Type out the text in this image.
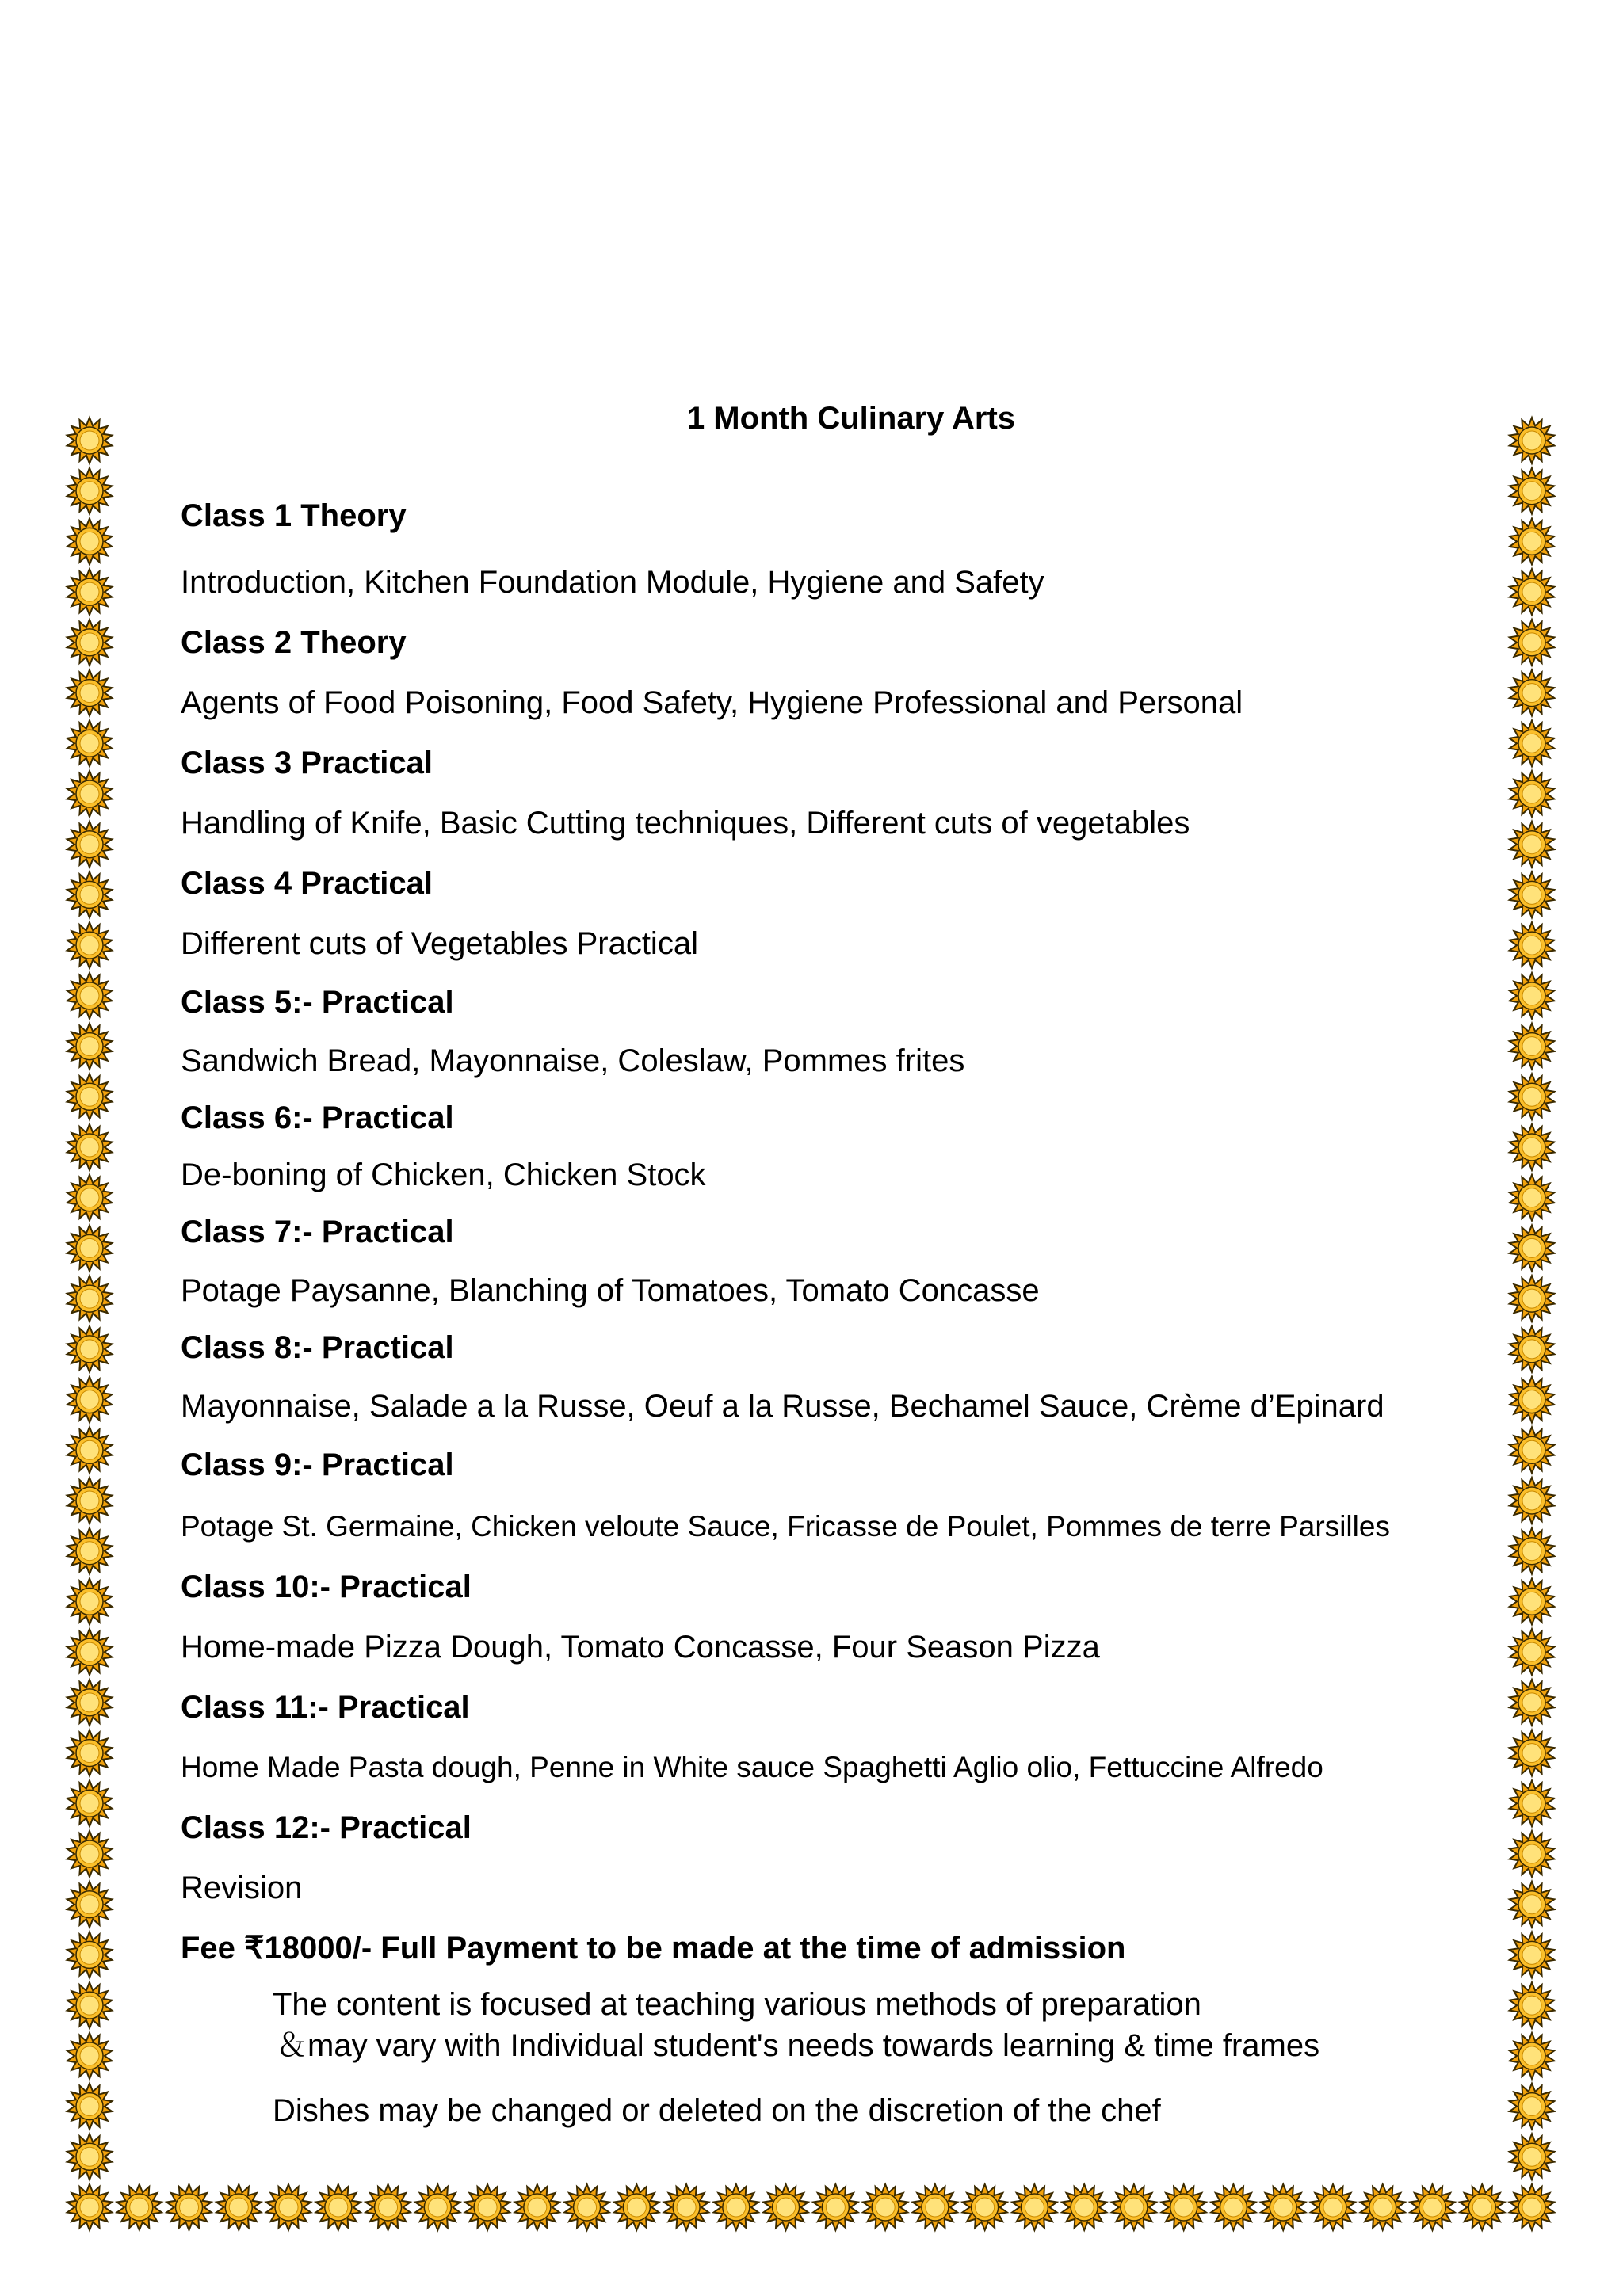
1 Month Culinary Arts
Class 1 Theory
Introduction, Kitchen Foundation Module, Hygiene and Safety
Class 2 Theory
Agents of Food Poisoning, Food Safety, Hygiene Professional and Personal
Class 3 Practical
Handling of Knife, Basic Cutting techniques, Different cuts of vegetables
Class 4 Practical
Different cuts of Vegetables Practical
Class 5:- Practical
Sandwich Bread, Mayonnaise, Coleslaw, Pommes frites
Class 6:- Practical
De-boning of Chicken, Chicken Stock
Class 7:- Practical
Potage Paysanne, Blanching of Tomatoes, Tomato Concasse
Class 8:- Practical
Mayonnaise, Salade a la Russe, Oeuf a la Russe, Bechamel Sauce, Crème d’Epinard
Class 9:- Practical
Potage St. Germaine, Chicken veloute Sauce, Fricasse de Poulet, Pommes de terre Parsilles
Class 10:- Practical
Home-made Pizza Dough, Tomato Concasse, Four Season Pizza
Class 11:- Practical
Home Made Pasta dough, Penne in White sauce Spaghetti Aglio olio, Fettuccine Alfredo
Class 12:- Practical
Revision
Fee ₹18000/- Full Payment to be made at the time of admission
The content is focused at teaching various methods of preparation
＆may vary with Individual student's needs towards learning & time frames
Dishes may be changed or deleted on the discretion of the chef
